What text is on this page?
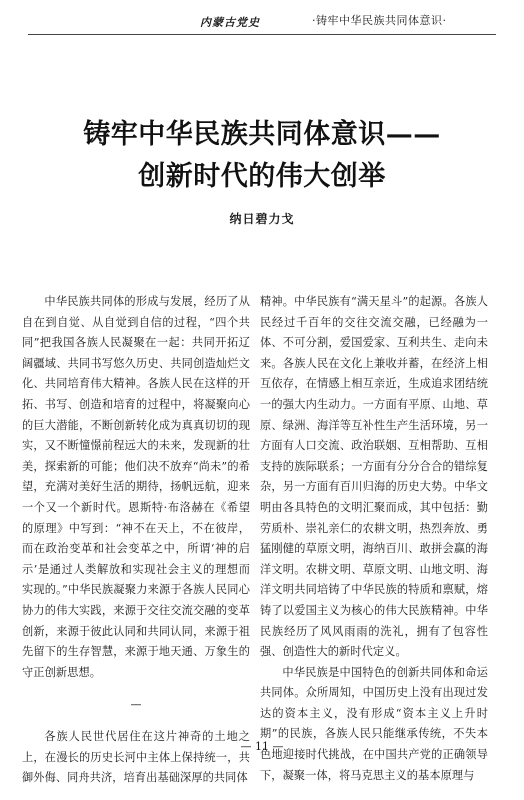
内蒙古党史	·铸牢中华民族共同体意识·
铸牢中华民族共同体意识——
创新时代的伟大创举
纳日碧力戈

中华民族共同体的形成与发展，经历了从自在到自觉、从自觉到自信的过程，“四个共同”把我国各族人民凝聚在一起：共同开拓辽阔疆域、共同书写悠久历史、共同创造灿烂文化、共同培育伟大精神。各族人民在这样的开拓、书写、创造和培育的过程中，将凝聚向心的巨大潜能，不断创新转化成为真真切切的现实，又不断憧憬前程远大的未来，发现新的壮美，探索新的可能；他们决不放弃“尚未”的希望，充满对美好生活的期待，扬帆远航，迎来一个又一个新时代。恩斯特·布洛赫在《希望的原理》中写到：“神不在天上，不在彼岸，而在政治变革和社会变革之中，所谓‘神的启示’是通过人类解放和实现社会主义的理想而实现的。”中华民族凝聚力来源于各族人民同心协力的伟大实践，来源于交往交流交融的变革创新，来源于彼此认同和共同认同，来源于祖先留下的生存智慧，来源于地天通、万象生的守正创新思想。

—

各族人民世代居住在这片神奇的土地之上，在漫长的历史长河中主体上保持统一，共御外侮、同舟共济，培育出基础深厚的共同体

精神。中华民族有“满天星斗”的起源。各族人民经过千百年的交往交流交融，已经融为一体、不可分割，爱国爱家、互利共生、走向未来。各族人民在文化上兼收并蓄，在经济上相互依存，在情感上相互亲近，生成追求团结统一的强大内生动力。一方面有平原、山地、草原、绿洲、海洋等互补性生产生活环境，另一方面有人口交流、政治联姻、互相帮助、互相支持的族际联系；一方面有分分合合的错综复杂，另一方面有百川归海的历史大势。中华文明由各具特色的文明汇聚而成，其中包括：勤劳质朴、崇礼亲仁的农耕文明，热烈奔放、勇猛刚健的草原文明，海纳百川、敢拼会赢的海洋文明。农耕文明、草原文明、山地文明、海洋文明共同培铸了中华民族的特质和禀赋，熔铸了以爱国主义为核心的伟大民族精神。中华民族经历了风风雨雨的洗礼，拥有了包容性强、创造性大的新时代定义。

中华民族是中国特色的创新共同体和命运共同体。众所周知，中国历史上没有出现过发达的资本主义，没有形成“资本主义上升时期”的民族，各族人民只能继承传统，不失本色地迎接时代挑战，在中国共产党的正确领导下，凝聚一体，将马克思主义的基本原理与

— 11 —
